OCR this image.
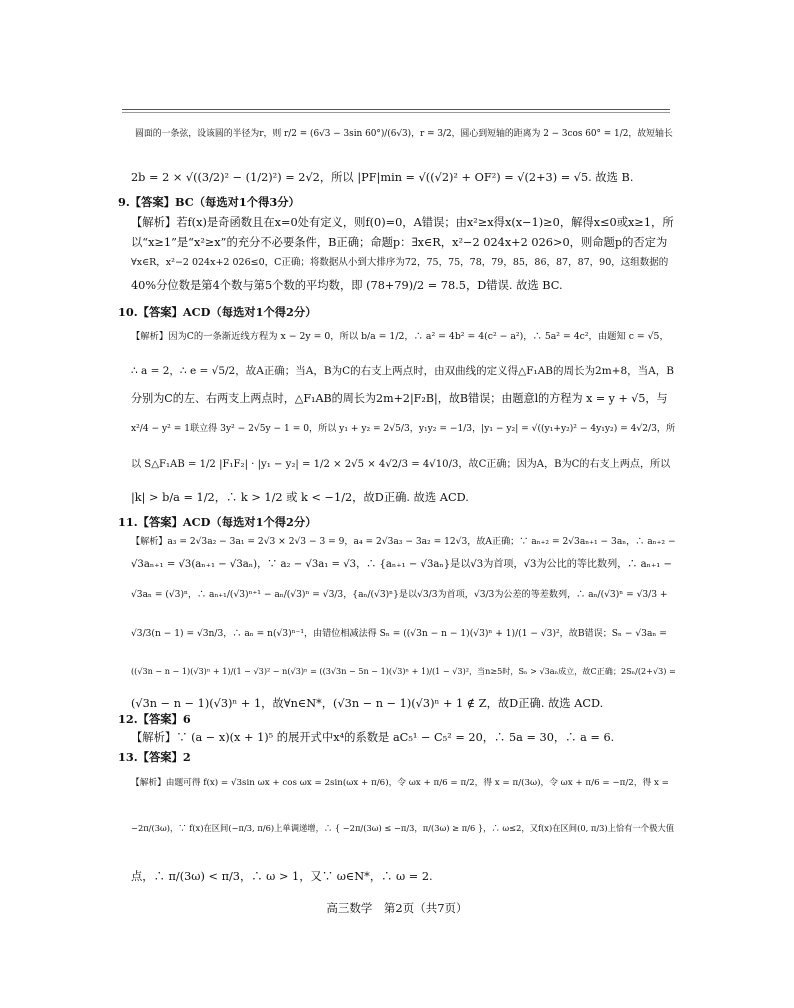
圆面的一条弦，设该圆的半径为r，则 r/2 = (6√3 − 3sin 60°)/(6√3)，r = 3/2，圆心到短轴的距离为 2 − 3cos 60° = 1/2，故短轴长
2b = 2 × √((3/2)² − (1/2)²) = 2√2，所以 |PF|min = √((√2)² + OF²) = √(2+3) = √5. 故选 B.
9.【答案】BC（每选对1个得3分）
【解析】若f(x)是奇函数且在x=0处有定义，则f(0)=0，A错误；由x²≥x得x(x−1)≥0，解得x≤0或x≥1，所
以“x≥1”是“x²≥x”的充分不必要条件，B正确；命题p：∃x∈R，x²−2 024x+2 026>0，则命题p的否定为
∀x∈R，x²−2 024x+2 026≤0，C正确；将数据从小到大排序为72，75，75，78，79，85，86，87，87，90，这组数据的
40%分位数是第4个数与第5个数的平均数，即 (78+79)/2 = 78.5，D错误. 故选 BC.
10.【答案】ACD（每选对1个得2分）
【解析】因为C的一条渐近线方程为 x − 2y = 0，所以 b/a = 1/2，∴ a² = 4b² = 4(c² − a²)，∴ 5a² = 4c²，由题知 c = √5，
∴ a = 2，∴ e = √5/2，故A正确；当A，B为C的右支上两点时，由双曲线的定义得△F₁AB的周长为2m+8，当A，B
分别为C的左、右两支上两点时，△F₁AB的周长为2m+2|F₂B|，故B错误；由题意l的方程为 x = y + √5，与
x²/4 − y² = 1联立得 3y² − 2√5y − 1 = 0，所以 y₁ + y₂ = 2√5/3，y₁y₂ = −1/3，|y₁ − y₂| = √((y₁+y₂)² − 4y₁y₂) = 4√2/3，所
以 S△F₁AB = 1/2 |F₁F₂| · |y₁ − y₂| = 1/2 × 2√5 × 4√2/3 = 4√10/3，故C正确；因为A，B为C的右支上两点，所以
|k| > b/a = 1/2，∴ k > 1/2 或 k < −1/2，故D正确. 故选 ACD.
11.【答案】ACD（每选对1个得2分）
【解析】a₃ = 2√3a₂ − 3a₁ = 2√3 × 2√3 − 3 = 9，a₄ = 2√3a₃ − 3a₂ = 12√3，故A正确；∵ aₙ₊₂ = 2√3aₙ₊₁ − 3aₙ，∴ aₙ₊₂ −
√3aₙ₊₁ = √3(aₙ₊₁ − √3aₙ)，∵ a₂ − √3a₁ = √3，∴ {aₙ₊₁ − √3aₙ}是以√3为首项，√3为公比的等比数列，∴ aₙ₊₁ −
√3aₙ = (√3)ⁿ，∴ aₙ₊₁/(√3)ⁿ⁺¹ − aₙ/(√3)ⁿ = √3/3，{aₙ/(√3)ⁿ}是以√3/3为首项，√3/3为公差的等差数列，∴ aₙ/(√3)ⁿ = √3/3 +
√3/3(n − 1) = √3n/3，∴ aₙ = n(√3)ⁿ⁻¹，由错位相减法得 Sₙ = ((√3n − n − 1)(√3)ⁿ + 1)/(1 − √3)²，故B错误；Sₙ − √3aₙ =
((√3n − n − 1)(√3)ⁿ + 1)/(1 − √3)² − n(√3)ⁿ = ((3√3n − 5n − 1)(√3)ⁿ + 1)/(1 − √3)²，当n≥5时，Sₙ > √3aₙ成立，故C正确；2Sₙ/(2+√3) =
(√3n − n − 1)(√3)ⁿ + 1，故∀n∈N*，(√3n − n − 1)(√3)ⁿ + 1 ∉ Z，故D正确. 故选 ACD.
12.【答案】6
【解析】∵ (a − x)(x + 1)⁵ 的展开式中x⁴的系数是 aC₅¹ − C₅² = 20，∴ 5a = 30，∴ a = 6.
13.【答案】2
【解析】由题可得 f(x) = √3sin ωx + cos ωx = 2sin(ωx + π/6)，令 ωx + π/6 = π/2，得 x = π/(3ω)，令 ωx + π/6 = −π/2，得 x =
−2π/(3ω)，∵ f(x)在区间(−π/3, π/6)上单调递增，∴ { −2π/(3ω) ≤ −π/3，π/(3ω) ≥ π/6 }，∴ ω≤2，又f(x)在区间(0, π/3)上恰有一个极大值
点，∴ π/(3ω) < π/3，∴ ω > 1，又∵ ω∈N*，∴ ω = 2.
高三数学　第2页（共7页）
